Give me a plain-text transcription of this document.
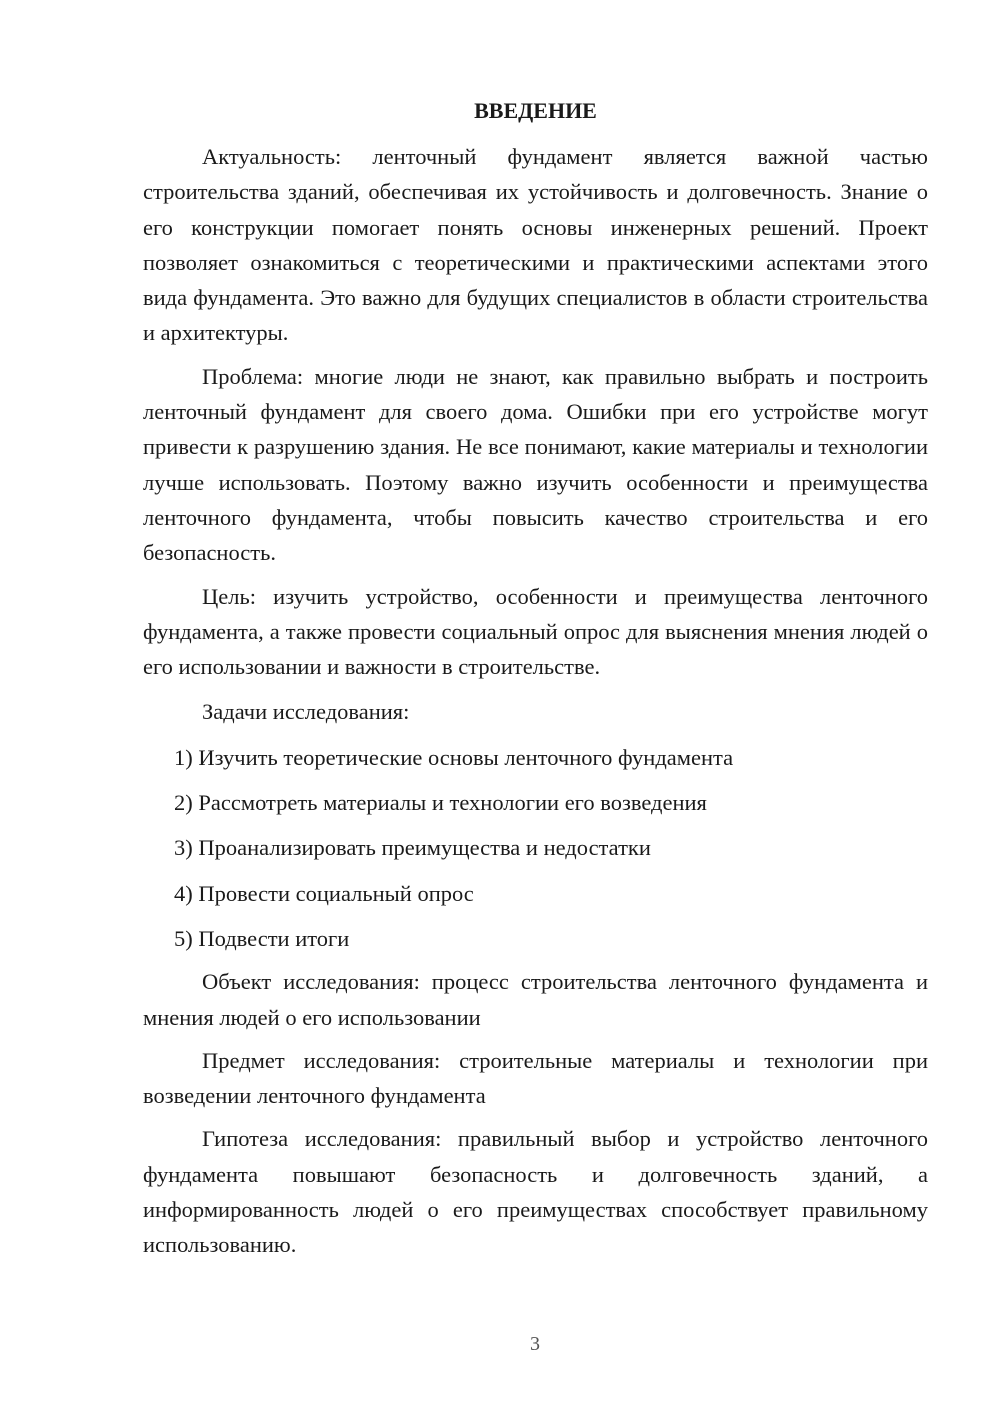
ВВЕДЕНИЕ

Актуальность: ленточный фундамент является важной частью строительства зданий, обеспечивая их устойчивость и долговечность. Знание о его конструкции помогает понять основы инженерных решений. Проект позволяет ознакомиться с теоретическими и практическими аспектами этого вида фундамента. Это важно для будущих специалистов в области строительства и архитектуры.

Проблема: многие люди не знают, как правильно выбрать и построить ленточный фундамент для своего дома. Ошибки при его устройстве могут привести к разрушению здания. Не все понимают, какие материалы и технологии лучше использовать. Поэтому важно изучить особенности и преимущества ленточного фундамента, чтобы повысить качество строительства и его безопасность.

Цель: изучить устройство, особенности и преимущества ленточного фундамента, а также провести социальный опрос для выяснения мнения людей о его использовании и важности в строительстве.

Задачи исследования:

1) Изучить теоретические основы ленточного фундамента
2) Рассмотреть материалы и технологии его возведения
3) Проанализировать преимущества и недостатки
4) Провести социальный опрос
5) Подвести итоги

Объект исследования: процесс строительства ленточного фундамента и мнения людей о его использовании

Предмет исследования: строительные материалы и технологии при возведении ленточного фундамента

Гипотеза исследования: правильный выбор и устройство ленточного фундамента повышают безопасность и долговечность зданий, а информированность людей о его преимуществах способствует правильному использованию.

3
